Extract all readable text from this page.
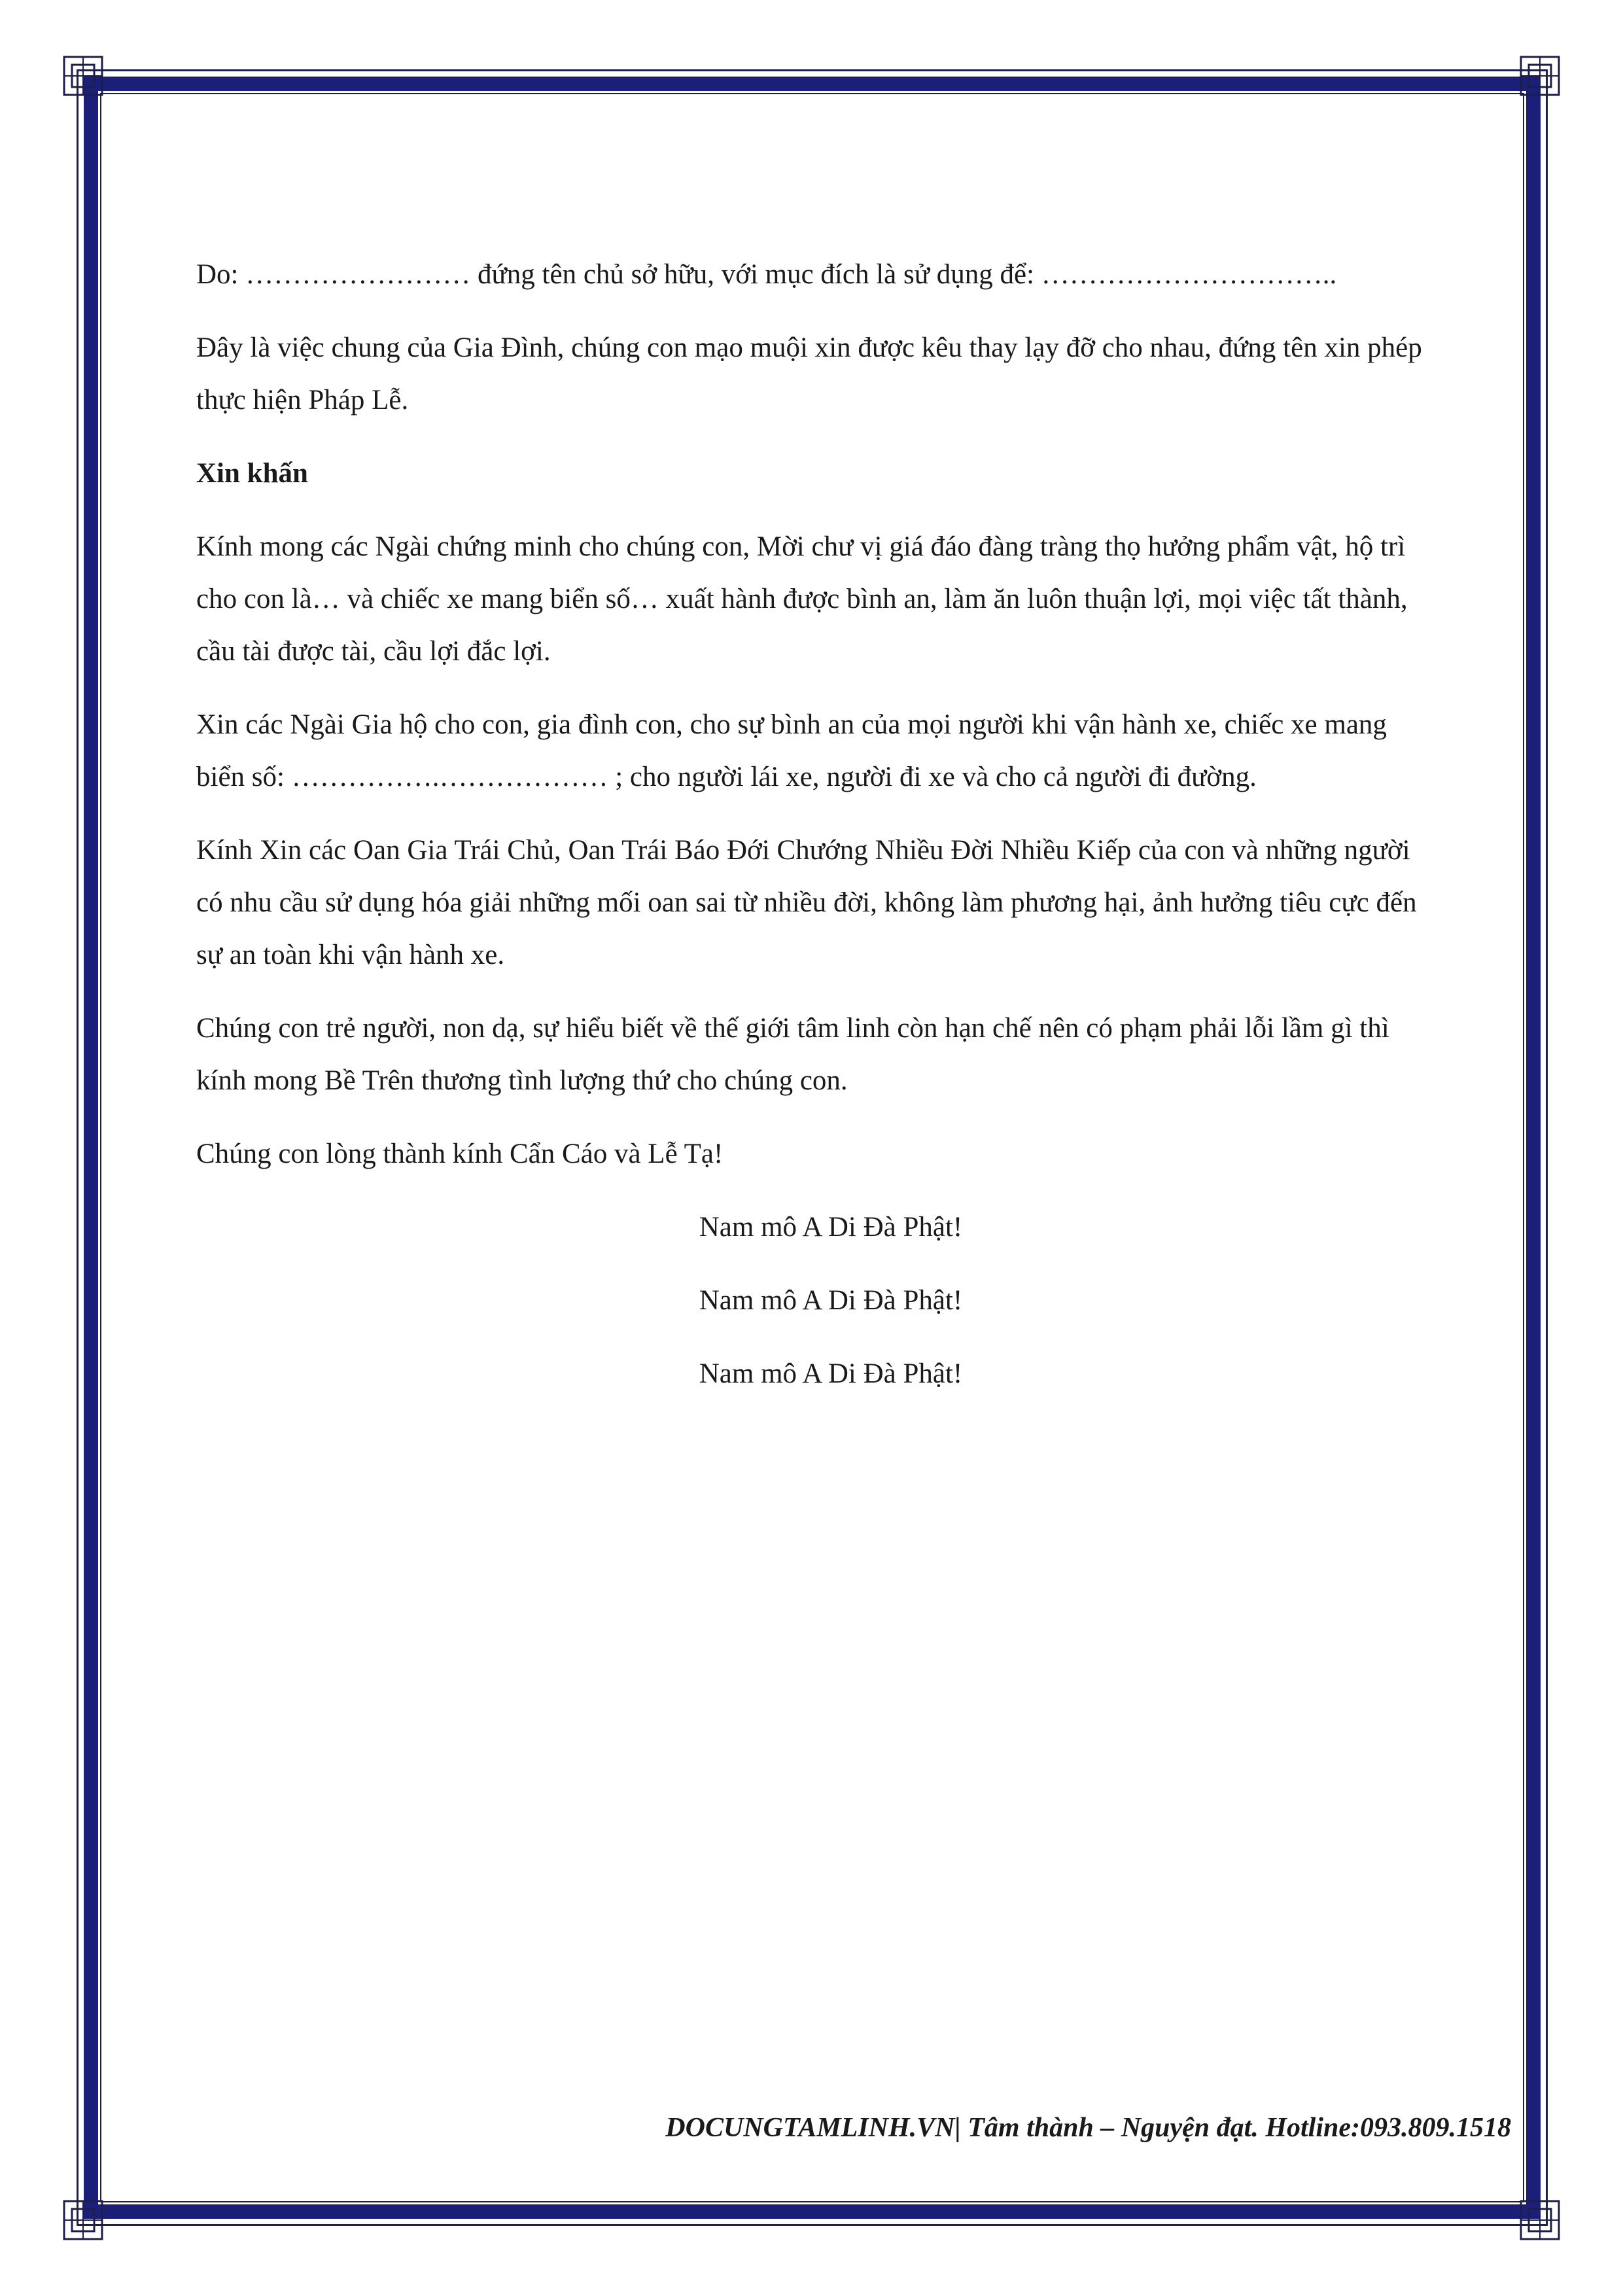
Do: …………………… đứng tên chủ sở hữu, với mục đích là sử dụng để: …………………………..

Đây là việc chung của Gia Đình, chúng con mạo muội xin được kêu thay lạy đỡ cho nhau, đứng tên xin phép thực hiện Pháp Lễ.

Xin khấn

Kính mong các Ngài chứng minh cho chúng con, Mời chư vị giá đáo đàng tràng thọ hưởng phẩm vật, hộ trì cho con là… và chiếc xe mang biển số… xuất hành được bình an, làm ăn luôn thuận lợi, mọi việc tất thành, cầu tài được tài, cầu lợi đắc lợi.

Xin các Ngài Gia hộ cho con, gia đình con, cho sự bình an của mọi người khi vận hành xe, chiếc xe mang biển số: …………….……………… ; cho người lái xe, người đi xe và cho cả người đi đường.

Kính Xin các Oan Gia Trái Chủ, Oan Trái Báo Đới Chướng Nhiều Đời Nhiều Kiếp của con và những người có nhu cầu sử dụng hóa giải những mối oan sai từ nhiều đời, không làm phương hại, ảnh hưởng tiêu cực đến sự an toàn khi vận hành xe.

Chúng con trẻ người, non dạ, sự hiểu biết về thế giới tâm linh còn hạn chế nên có phạm phải lỗi lầm gì thì kính mong Bề Trên thương tình lượng thứ cho chúng con.

Chúng con lòng thành kính Cẩn Cáo và Lễ Tạ!

Nam mô A Di Đà Phật!

Nam mô A Di Đà Phật!

Nam mô A Di Đà Phật!

DOCUNGTAMLINH.VN| Tâm thành – Nguyện đạt. Hotline:093.809.1518
